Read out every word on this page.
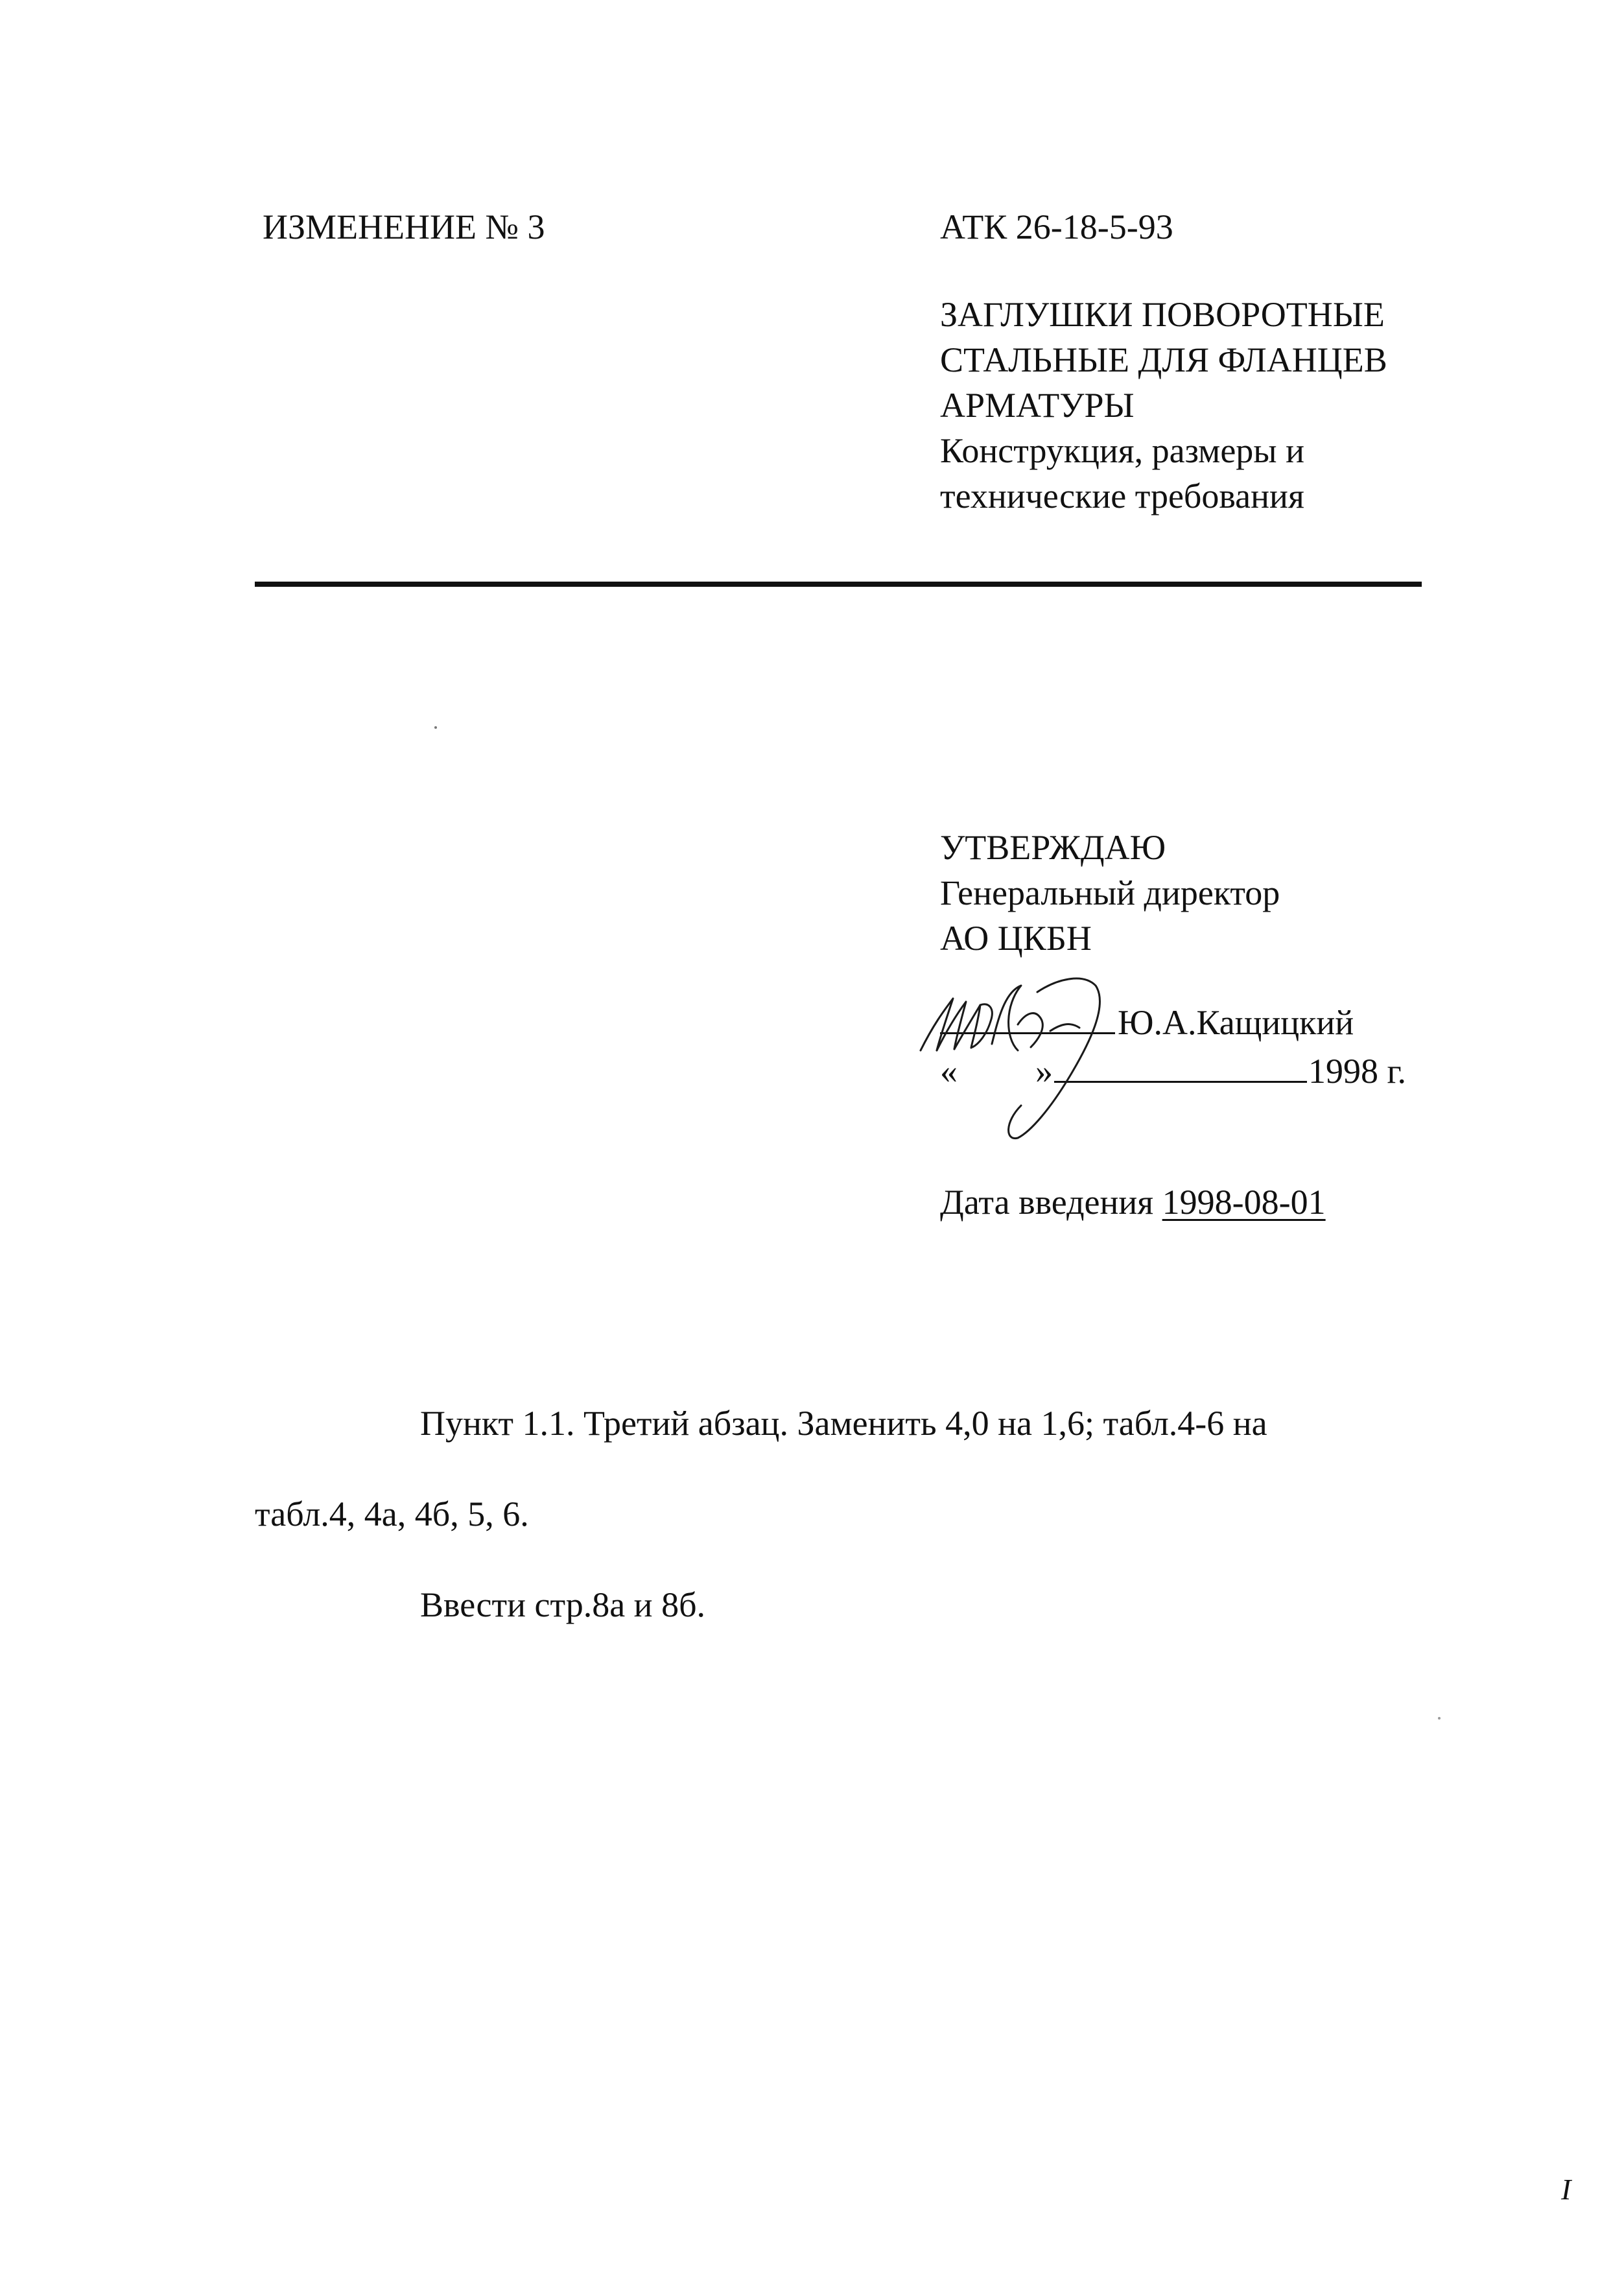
ИЗМЕНЕНИЕ № 3	АТК 26-18-5-93
ЗАГЛУШКИ ПОВОРОТНЫЕ
СТАЛЬНЫЕ ДЛЯ ФЛАНЦЕВ
АРМАТУРЫ
Конструкция, размеры и
технические требования
УТВЕРЖДАЮ
Генеральный директор
АО ЦКБН
Ю.А.Кащицкий
« »	1998 г.
Дата введения 1998-08-01
Пункт 1.1. Третий абзац. Заменить 4,0 на 1,6; табл.4-6 на
табл.4, 4а, 4б, 5, 6.
Ввести стр.8а и 8б.
I
